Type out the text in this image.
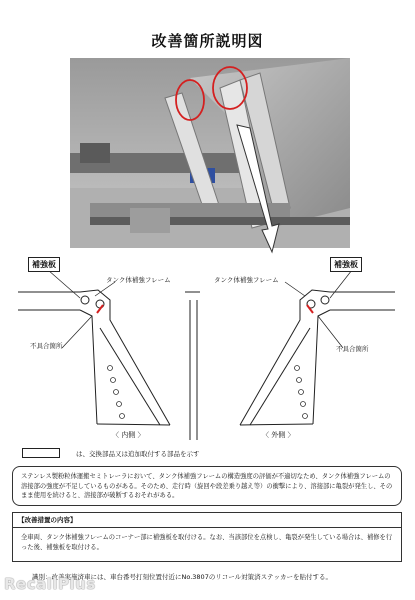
改善箇所説明図
補強板
タンク体補強フレーム
不具合箇所
〈 内側 〉
補強板
タンク体補強フレーム
不具合箇所
〈 外側 〉
は、交換部品又は追加取付する部品を示す
ステンレス製粉粒体運搬セミトレーラにおいて、タンク体補強フレームの構造強度の評価が不適切なため、タンク体補強フレームの溶接部の強度が不足しているものがある。そのため、走行時（旋回や段差乗り越え等）の衝撃により、溶接部に亀裂が発生し、そのまま使用を続けると、溶接部が破断するおそれがある。
【改善措置の内容】
全車両、タンク体補強フレームのコーナー部に補強板を取付ける。なお、当該部位を点検し、亀裂が発生している場合は、補修を行った後、補強板を取付ける。
識別：改善実施済車には、車台番号打刻位置付近にNo.3807のリコール対策済ステッカーを貼付する。
RecallPlus
